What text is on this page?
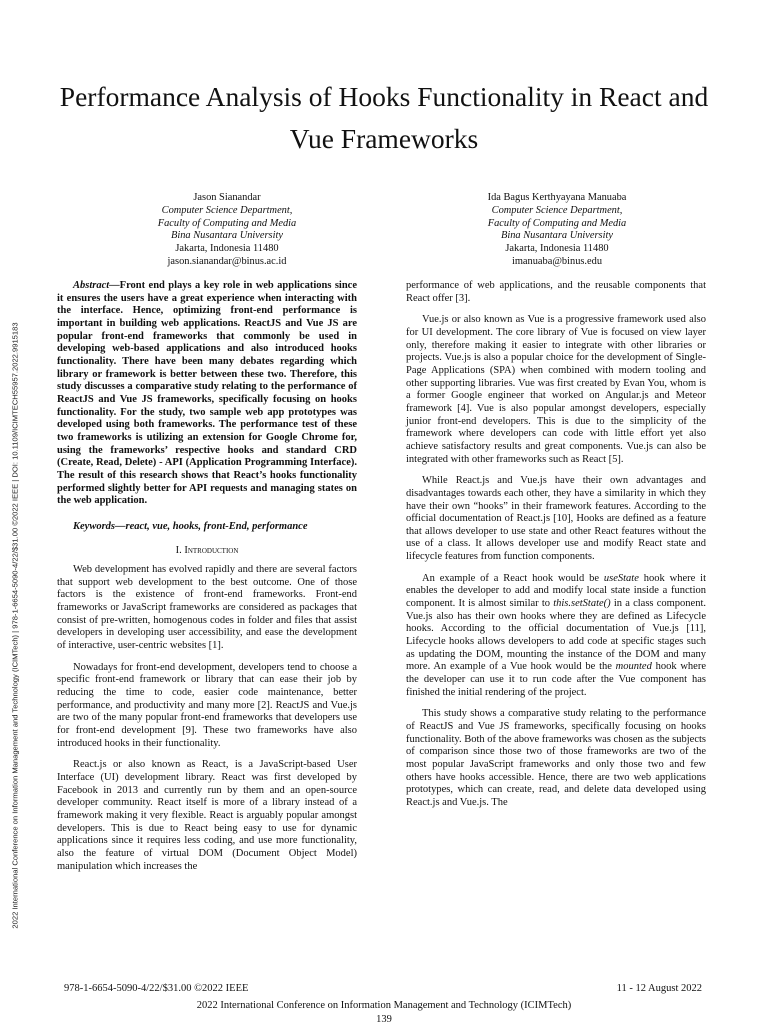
2022 International Conference on Information Management and Technology (ICIMTech) | 978-1-6654-5090-4/22/$31.00 ©2022 IEEE | DOI: 10.1109/ICIMTECH55957.2022.9915183
Performance Analysis of Hooks Functionality in React and Vue Frameworks
Jason Sianandar
Computer Science Department,
Faculty of Computing and Media
Bina Nusantara University
Jakarta, Indonesia 11480
jason.sianandar@binus.ac.id
Ida Bagus Kerthyayana Manuaba
Computer Science Department,
Faculty of Computing and Media
Bina Nusantara University
Jakarta, Indonesia 11480
imanuaba@binus.edu

Abstract—Front end plays a key role in web applications since it ensures the users have a great experience when interacting with the interface. Hence, optimizing front-end performance is important in building web applications. ReactJS and Vue JS are popular front-end frameworks that commonly be used in developing web-based applications and also introduced hooks functionality. There have been many debates regarding which library or framework is better between these two. Therefore, this study discusses a comparative study relating to the performance of ReactJS and Vue JS frameworks, specifically focusing on hooks functionality. For the study, two sample web app prototypes was developed using both frameworks. The performance test of these two frameworks is utilizing an extension for Google Chrome for, using the frameworks’ respective hooks and standard CRD (Create, Read, Delete) - API (Application Programming Interface). The result of this research shows that React’s hooks functionality performed slightly better for API requests and managing states on the web application.

Keywords—react, vue, hooks, front-End, performance

I. Introduction

Web development has evolved rapidly and there are several factors that support web development to the best outcome. One of those factors is the existence of front-end frameworks. Front-end frameworks or JavaScript frameworks are considered as packages that consist of pre-written, homogenous codes in folder and files that assist developers in developing user accessibility, and ease the development of interactive, user-centric websites [1].

Nowadays for front-end development, developers tend to choose a specific front-end framework or library that can ease their job by reducing the time to code, easier code maintenance, better performance, and productivity and many more [2]. ReactJS and Vue.js are two of the many popular front-end frameworks that developers use for front-end development [9]. These two frameworks have also introduced hooks in their functionality.

React.js or also known as React, is a JavaScript-based User Interface (UI) development library. React was first developed by Facebook in 2013 and currently run by them and an open-source developer community. React itself is more of a library instead of a framework making it very flexible. React is arguably popular amongst developers. This is due to React being easy to use for dynamic applications since it requires less coding, and use more functionality, also the feature of virtual DOM (Document Object Model) manipulation which increases the

performance of web applications, and the reusable components that React offer [3].

Vue.js or also known as Vue is a progressive framework used also for UI development. The core library of Vue is focused on view layer only, therefore making it easier to integrate with other libraries or projects. Vue.js is also a popular choice for the development of Single-Page Applications (SPA) when combined with modern tooling and other supporting libraries. Vue was first created by Evan You, whom is a former Google engineer that worked on Angular.js and Meteor framework [4]. Vue is also popular amongst developers, especially junior front-end developers. This is due to the simplicity of the framework where developers can code with little effort yet also achieve satisfactory results and great components. Vue.js can also be integrated with other frameworks such as React [5].

While React.js and Vue.js have their own advantages and disadvantages towards each other, they have a similarity in which they have their own “hooks” in their framework features. According to the official documentation of React.js [10], Hooks are defined as a feature that allows developer to use state and other React features without the use of a class. It allows developer use and modify React state and lifecycle features from function components.

An example of a React hook would be useState hook where it enables the developer to add and modify local state inside a function component. It is almost similar to this.setState() in a class component. Vue.js also has their own hooks where they are defined as Lifecycle hooks. According to the official documentation of Vue.js [11], Lifecycle hooks allows developers to add code at specific stages such as updating the DOM, mounting the instance of the DOM and many more. An example of a Vue hook would be the mounted hook where the developer can use it to run code after the Vue component has finished the initial rendering of the project.

This study shows a comparative study relating to the performance of ReactJS and Vue JS frameworks, specifically focusing on hooks functionality. Both of the above frameworks was chosen as the subjects of comparison since those two of those frameworks are two of the most popular JavaScript frameworks and only those two and few others have hooks accessible. Hence, there are two web applications prototypes, which can create, read, and delete data developed using React.js and Vue.js. The

978-1-6654-5090-4/22/$31.00 ©2022 IEEE	11 - 12 August 2022
2022 International Conference on Information Management and Technology (ICIMTech)
139
